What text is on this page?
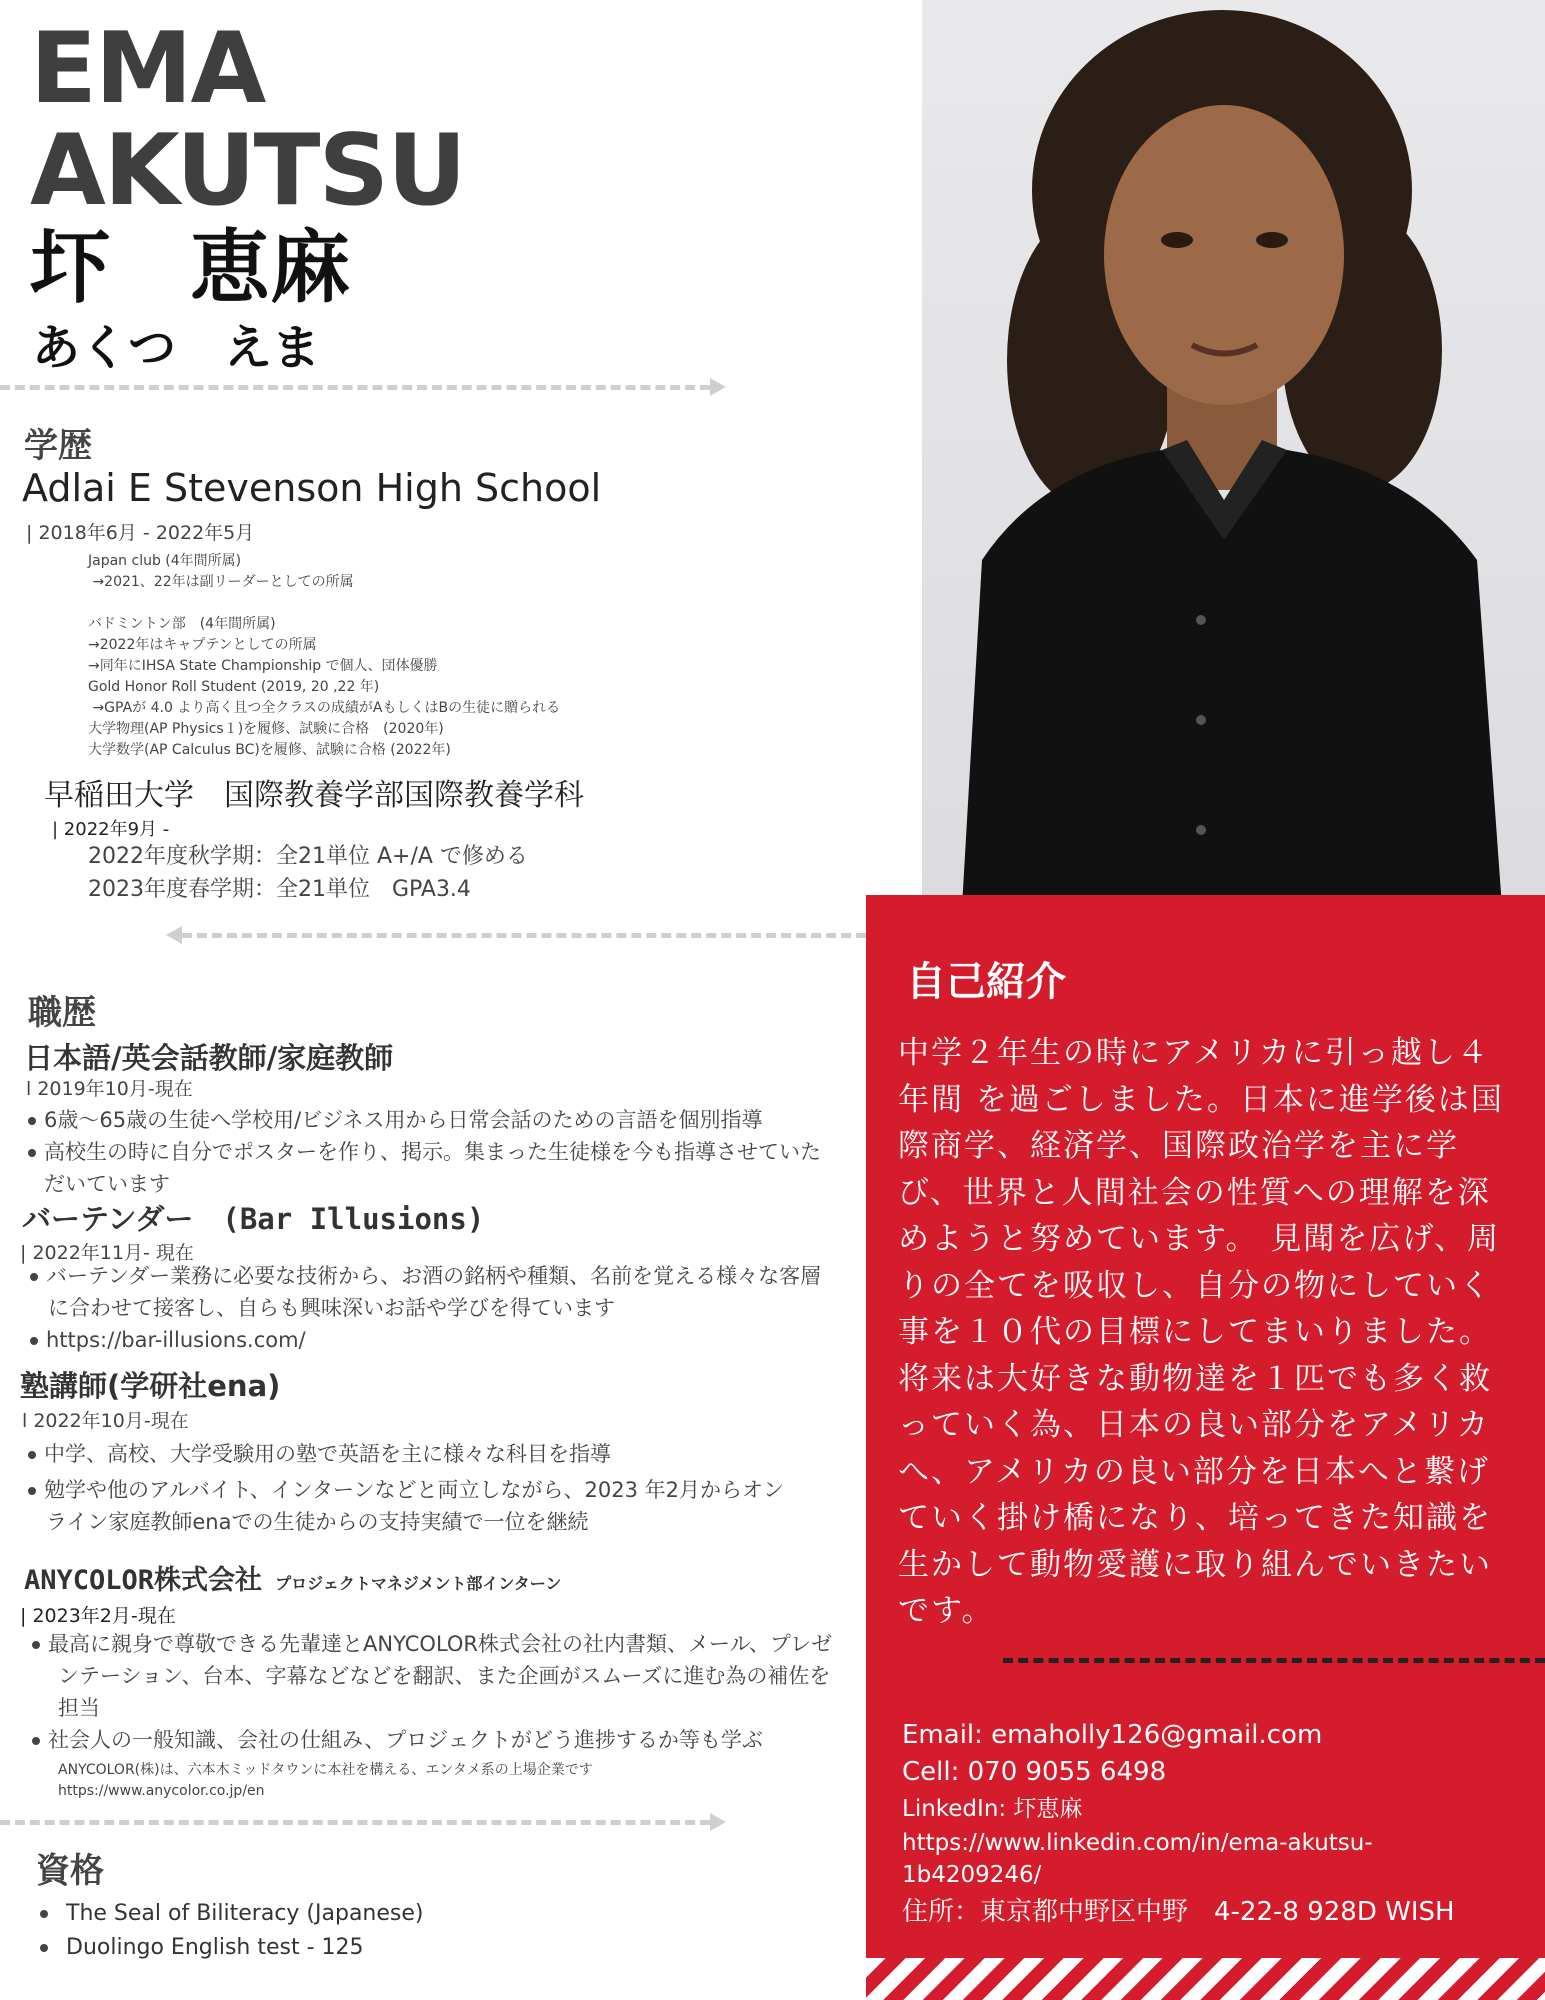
EMA
AKUTSU
圷　恵麻
あくつ　えま
学歴
Adlai E Stevenson High School
| 2018年6月 - 2022年5月
Japan club (4年間所属)
→2021、22年は副リーダーとしての所属
バドミントン部　(4年間所属)
→2022年はキャプテンとしての所属
→同年にIHSA State Championship で個人、団体優勝
Gold Honor Roll Student (2019, 20 ,22 年)
→GPAが 4.0 より高く且つ全クラスの成績がAもしくはBの生徒に贈られる
大学物理(AP Physics１)を履修、試験に合格　(2020年)
大学数学(AP Calculus BC)を履修、試験に合格 (2022年)
早稲田大学　国際教養学部国際教養学科
| 2022年9月 -
2022年度秋学期：全21単位 A+/A で修める
2023年度春学期：全21単位　GPA3.4
職歴
日本語/英会話教師/家庭教師
l 2019年10月-現在
6歳〜65歳の生徒へ学校用/ビジネス用から日常会話のための言語を個別指導
高校生の時に自分でポスターを作り、掲示。集まった生徒様を今も指導させていただいています
バーテンダー　(Bar Illusions)
| 2022年11月- 現在
バーテンダー業務に必要な技術から、お酒の銘柄や種類、名前を覚える様々な客層に合わせて接客し、自らも興味深いお話や学びを得ています
https://bar-illusions.com/
塾講師(学研社ena)
l 2022年10月-現在
中学、高校、大学受験用の塾で英語を主に様々な科目を指導
勉学や他のアルバイト、インターンなどと両立しながら、2023 年2月からオンライン家庭教師enaでの生徒からの支持実績で一位を継続
ANYCOLOR株式会社 プロジェクトマネジメント部インターン
| 2023年2月-現在
最高に親身で尊敬できる先輩達とANYCOLOR株式会社の社内書類、メール、プレゼンテーション、台本、字幕などなどを翻訳、また企画がスムーズに進む為の補佐を担当
社会人の一般知識、会社の仕組み、プロジェクトがどう進捗するか等も学ぶ
ANYCOLOR(株)は、六本木ミッドタウンに本社を構える、エンタメ系の上場企業です
https://www.anycolor.co.jp/en
資格
The Seal of Biliteracy (Japanese)
Duolingo English test - 125
自己紹介
中学２年生の時にアメリカに引っ越し４年間 を過ごしました。日本に進学後は国際商学、経済学、国際政治学を主に学び、世界と人間社会の性質への理解を深めようと努めています。 見聞を広げ、周りの全てを吸収し、自分の物にしていく事を１０代の目標にしてまいりました。将来は大好きな動物達を１匹でも多く救っていく為、日本の良い部分をアメリカへ、アメリカの良い部分を日本へと繋げていく掛け橋になり、培ってきた知識を生かして動物愛護に取り組んでいきたいです。
Email: emaholly126@gmail.com
Cell: 070 9055 6498
LinkedIn: 圷恵麻
https://www.linkedin.com/in/ema-akutsu-
1b4209246/
住所：東京都中野区中野　4-22-8 928D WISH
